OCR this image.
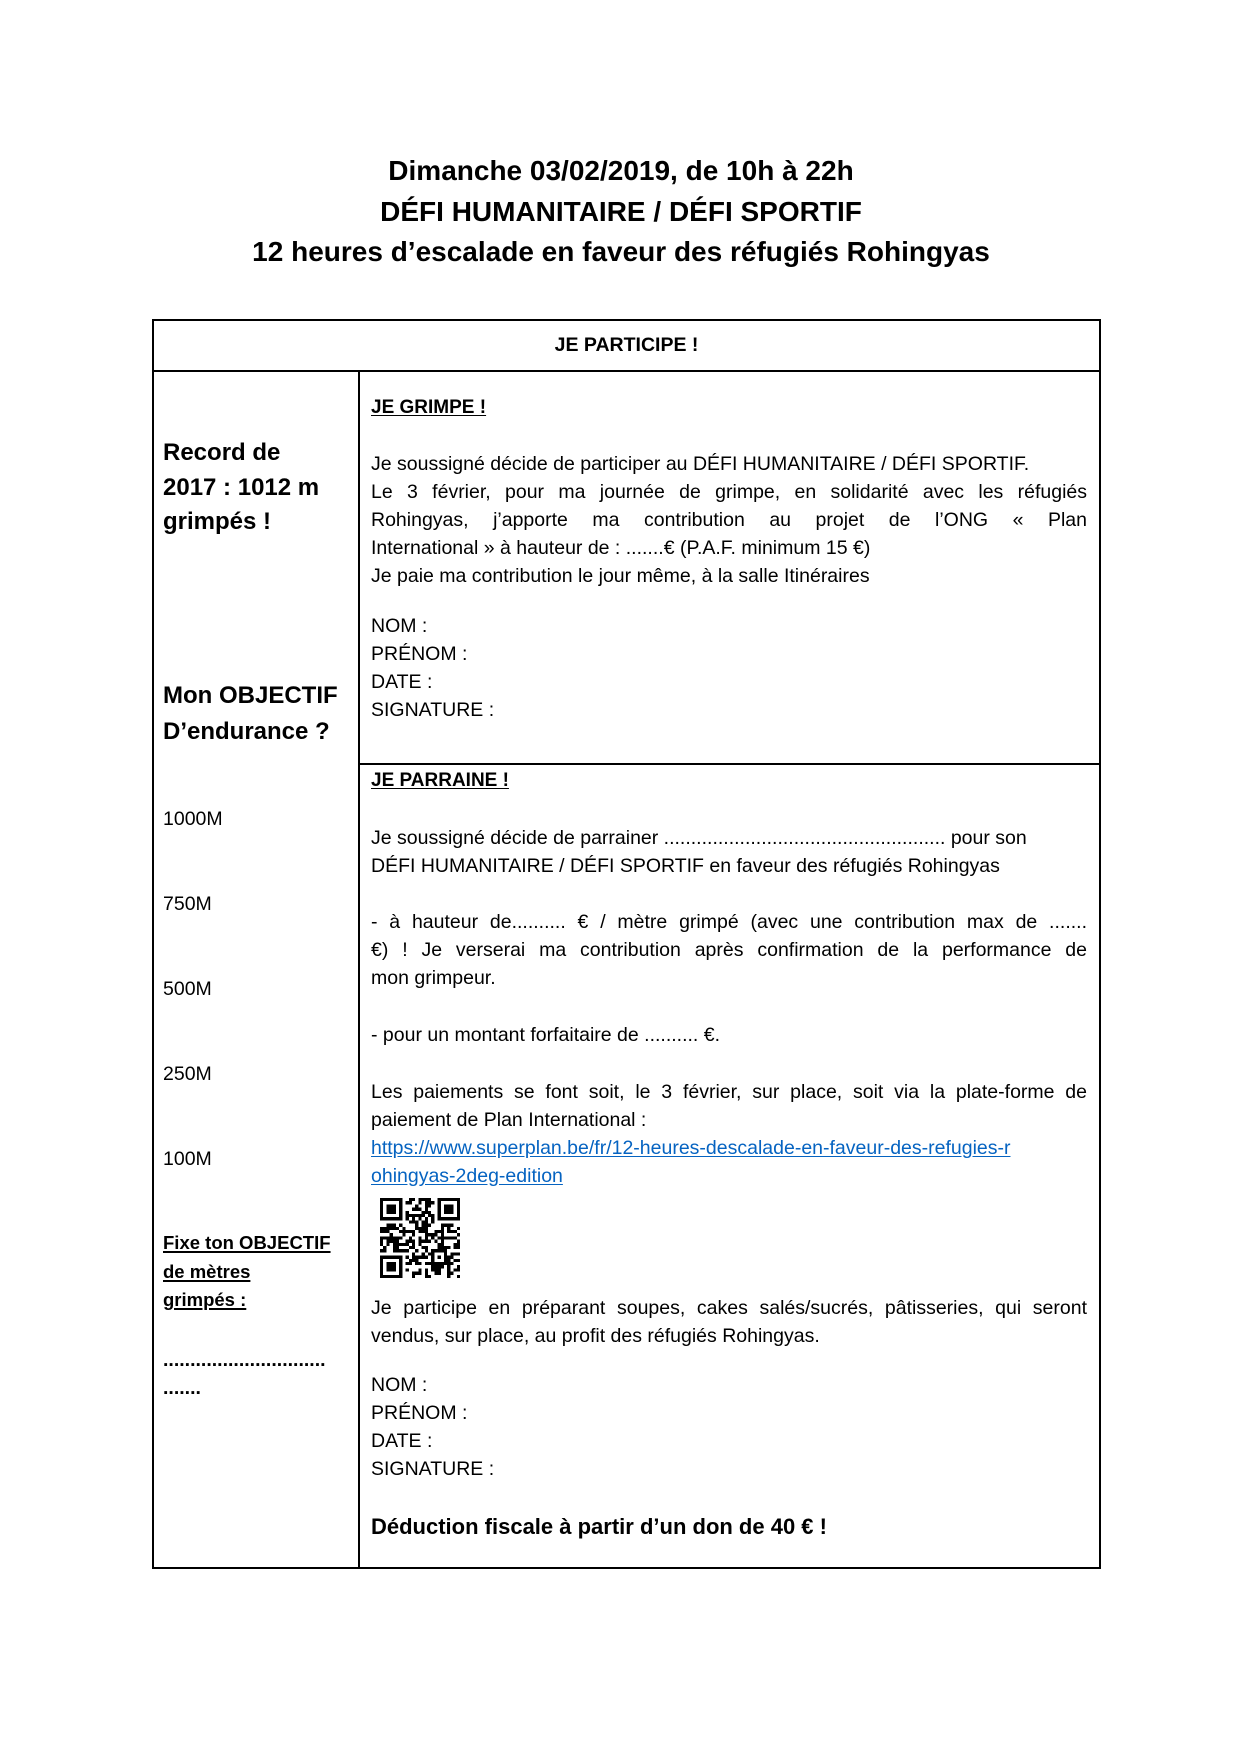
Dimanche 03/02/2019, de 10h à 22h
DÉFI HUMANITAIRE / DÉFI SPORTIF
12 heures d’escalade en faveur des réfugiés Rohingyas
JE PARTICIPE !
Record de
2017 : 1012 m
grimpés !
Mon OBJECTIF
D’endurance ?
1000M
750M
500M
250M
100M
Fixe ton OBJECTIF
de mètres
grimpés :
..............................
.......
JE GRIMPE !
Je soussigné décide de participer au DÉFI HUMANITAIRE / DÉFI SPORTIF.
Le 3 février, pour ma journée de grimpe, en solidarité avec les réfugiés
Rohingyas, j’apporte ma contribution au projet de l’ONG « Plan
International » à hauteur de : .......€ (P.A.F. minimum 15 €)
Je paie ma contribution le jour même, à la salle Itinéraires
NOM :
PRÉNOM :
DATE :
SIGNATURE :
JE PARRAINE !
Je soussigné décide de parrainer .................................................... pour son
DÉFI HUMANITAIRE / DÉFI SPORTIF en faveur des réfugiés Rohingyas
- à hauteur de.......... € / mètre grimpé (avec une contribution max de .......
€) ! Je verserai ma contribution après confirmation de la performance de
mon grimpeur.
- pour un montant forfaitaire de .......... €.
Les paiements se font soit, le 3 février, sur place, soit via la plate-forme de
paiement de Plan International :
https://www.superplan.be/fr/12-heures-descalade-en-faveur-des-refugies-r
ohingyas-2deg-edition
Je participe en préparant soupes, cakes salés/sucrés, pâtisseries, qui seront
vendus, sur place, au profit des réfugiés Rohingyas.
NOM :
PRÉNOM :
DATE :
SIGNATURE :
Déduction fiscale à partir d’un don de 40 € !
